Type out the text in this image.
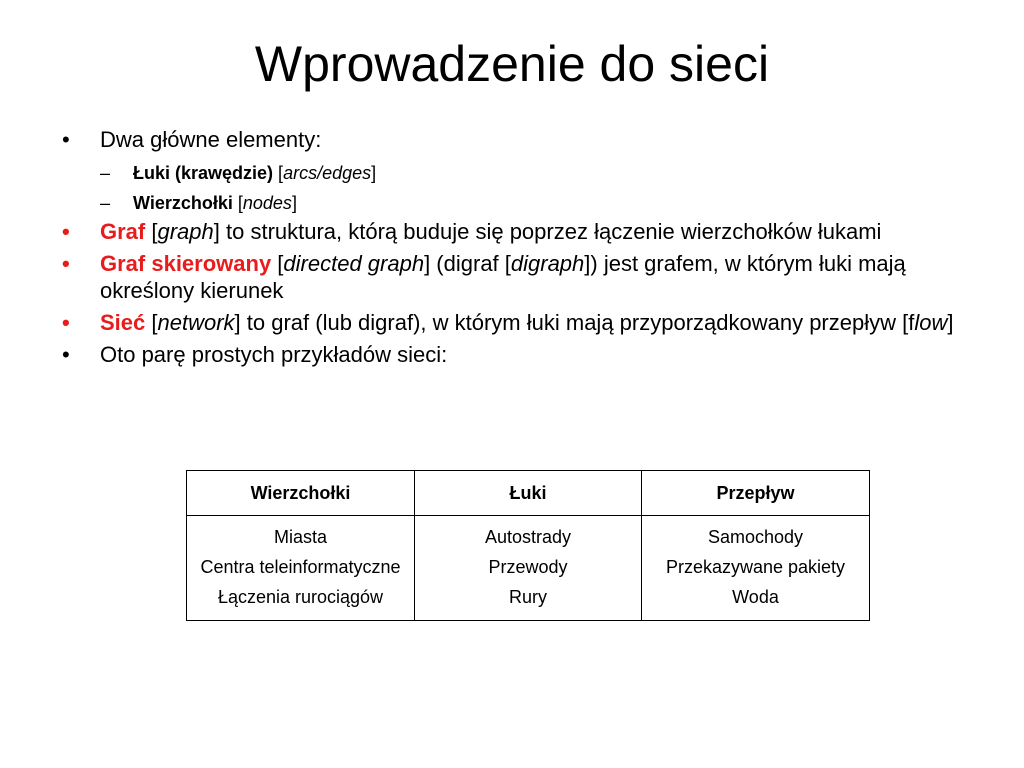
Wprowadzenie do sieci
•	Dwa główne elementy:
–	Łuki (krawędzie) [arcs/edges]
–	Wierzchołki [nodes]
•	Graf [graph] to struktura, którą buduje się poprzez łączenie wierzchołków łukami
•	Graf skierowany [directed graph] (digraf [digraph]) jest grafem, w którym łuki mają określony kierunek
•	Sieć [network] to graf (lub digraf), w którym łuki mają przyporządkowany przepływ [flow]
•	Oto parę prostych przykładów sieci:
Wierzchołki	Łuki	Przepływ
Miasta	Autostrady	Samochody
Centra teleinformatyczne	Przewody	Przekazywane pakiety
Łączenia rurociągów	Rury	Woda
